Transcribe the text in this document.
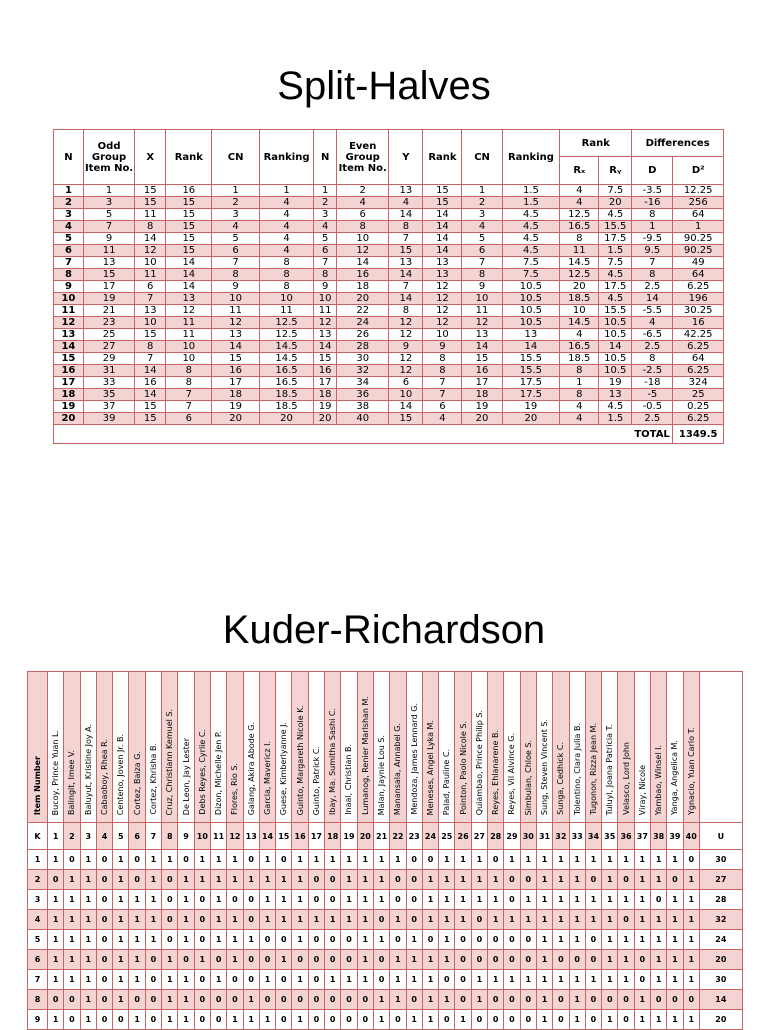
Split-Halves
N	Odd Group Item No.	X	Rank	CN	Ranking	N	Even Group Item No.	Y	Rank	CN	Ranking	Rank		Differences	
												Rₓ	Rᵧ	D	D²
1	1	15	16	1	1	1	2	13	15	1	1.5	4	7.5	-3.5	12.25
2	3	15	15	2	4	2	4	4	15	2	1.5	4	20	-16	256
3	5	11	15	3	4	3	6	14	14	3	4.5	12.5	4.5	8	64
4	7	8	15	4	4	4	8	8	14	4	4.5	16.5	15.5	1	1
5	9	14	15	5	4	5	10	7	14	5	4.5	8	17.5	-9.5	90.25
6	11	12	15	6	4	6	12	15	14	6	4.5	11	1.5	9.5	90.25
7	13	10	14	7	8	7	14	13	13	7	7.5	14.5	7.5	7	49
8	15	11	14	8	8	8	16	14	13	8	7.5	12.5	4.5	8	64
9	17	6	14	9	8	9	18	7	12	9	10.5	20	17.5	2.5	6.25
10	19	7	13	10	10	10	20	14	12	10	10.5	18.5	4.5	14	196
11	21	13	12	11	11	11	22	8	12	11	10.5	10	15.5	-5.5	30.25
12	23	10	11	12	12.5	12	24	12	12	12	10.5	14.5	10.5	4	16
13	25	15	11	13	12.5	13	26	12	10	13	13	4	10.5	-6.5	42.25
14	27	8	10	14	14.5	14	28	9	9	14	14	16.5	14	2.5	6.25
15	29	7	10	15	14.5	15	30	12	8	15	15.5	18.5	10.5	8	64
16	31	14	8	16	16.5	16	32	12	8	16	15.5	8	10.5	-2.5	6.25
17	33	16	8	17	16.5	17	34	6	7	17	17.5	1	19	-18	324
18	35	14	7	18	18.5	18	36	10	7	18	17.5	8	13	-5	25
19	37	15	7	19	18.5	19	38	14	6	19	19	4	4.5	-0.5	0.25
20	39	15	6	20	20	20	40	15	4	20	20	4	1.5	2.5	6.25
														TOTAL	1349.5
Kuder-Richardson
Item Number	Bucoy, Prince Yuan L.	Balingit, Imee V.	Baluyut, Kristine Joy A.	Cabaoboy, Rhea R.	Centeno, Joven Jr. B.	Cortez, Baiza G.	Cortez, Khrisha B.	Cruz, Christiann Kemuel S.	De Leon, Jay Lester	Debs Reyes, Cyrlie C.	Dizon, Michelle Jen P.	Flores, Rio S.	Galang, Akira Abode G.	Garcia, Mavericz I.	Guese, Kimberlyanne J.	Guinto, Margareth Nicole K.	Guinto, Patrick C.	Ibay, Ma. Sumitha Sashi C.	Inaal, Christian B.	Lumanog, Renier Marlshan M.	Malan, Jaynie Lou S.	Manansala, Annabel G.	Mendoza, James Lennard G.	Meneses, Angel Lyka M.	Palad, Pauline C.	Pointon, Paolo Nicole S.	Quiambao, Prince Philip S.	Reyes, Ehlanarene B.	Reyes, Vil Alvince G.	Simbulan, Chloe S.	Sung, Steven Vincent S.	Sunga, Cedhick C.	Tolentino, Clara Julia B.	Tugonon, Rizza Jean M.	Tuluyl, Joana Patricia T.	Velasco, Lord John	Viray, Nicole	Yambao, Winsel I.	Yanga, Angelica M.	Ygnacio, Yuan Carlo T.	
K	1	2	3	4	5	6	7	8	9	10	11	12	13	14	15	16	17	18	19	20	21	22	23	24	25	26	27	28	29	30	31	32	33	34	35	36	37	38	39	40	U
1	1	0	1	0	1	0	1	1	0	1	1	1	0	1	0	1	1	1	1	1	1	1	0	0	1	1	1	0	1	1	1	1	1	1	1	1	1	1	1	0	30
2	0	1	1	0	1	0	1	0	1	1	1	1	1	1	1	1	0	0	1	1	1	0	0	1	1	1	1	1	0	0	1	1	1	0	1	0	1	1	0	1	27
3	1	1	1	0	1	1	1	0	1	0	1	0	0	1	1	1	0	0	1	1	1	0	0	1	1	1	1	1	0	1	1	1	1	1	1	1	1	0	1	1	28
4	1	1	1	0	1	1	1	0	1	0	1	1	0	1	1	1	1	1	1	1	0	1	0	1	1	1	0	1	1	1	1	1	1	1	1	0	1	1	1	1	32
5	1	1	1	0	1	1	1	0	1	0	1	1	1	0	0	1	0	0	0	1	1	0	1	0	1	0	0	0	0	0	1	1	1	0	1	1	1	1	1	1	24
6	1	1	1	0	1	1	0	1	0	1	0	1	0	0	1	0	0	0	0	1	0	1	1	1	1	0	0	0	0	0	1	0	0	0	1	1	0	1	1	1	20
7	1	1	1	0	1	1	0	1	1	0	1	0	0	1	0	1	0	1	1	1	0	1	1	1	0	0	1	1	1	1	1	1	1	1	1	1	0	1	1	1	30
8	0	0	1	0	1	0	0	1	1	0	0	0	1	0	0	0	0	0	0	0	1	1	0	1	1	0	1	0	0	0	1	0	1	0	0	0	1	0	0	0	14
9	1	0	1	0	0	1	0	1	1	0	0	1	1	1	0	1	0	0	0	0	1	0	1	1	0	1	0	0	0	0	1	0	1	0	1	0	1	1	1	1	20
